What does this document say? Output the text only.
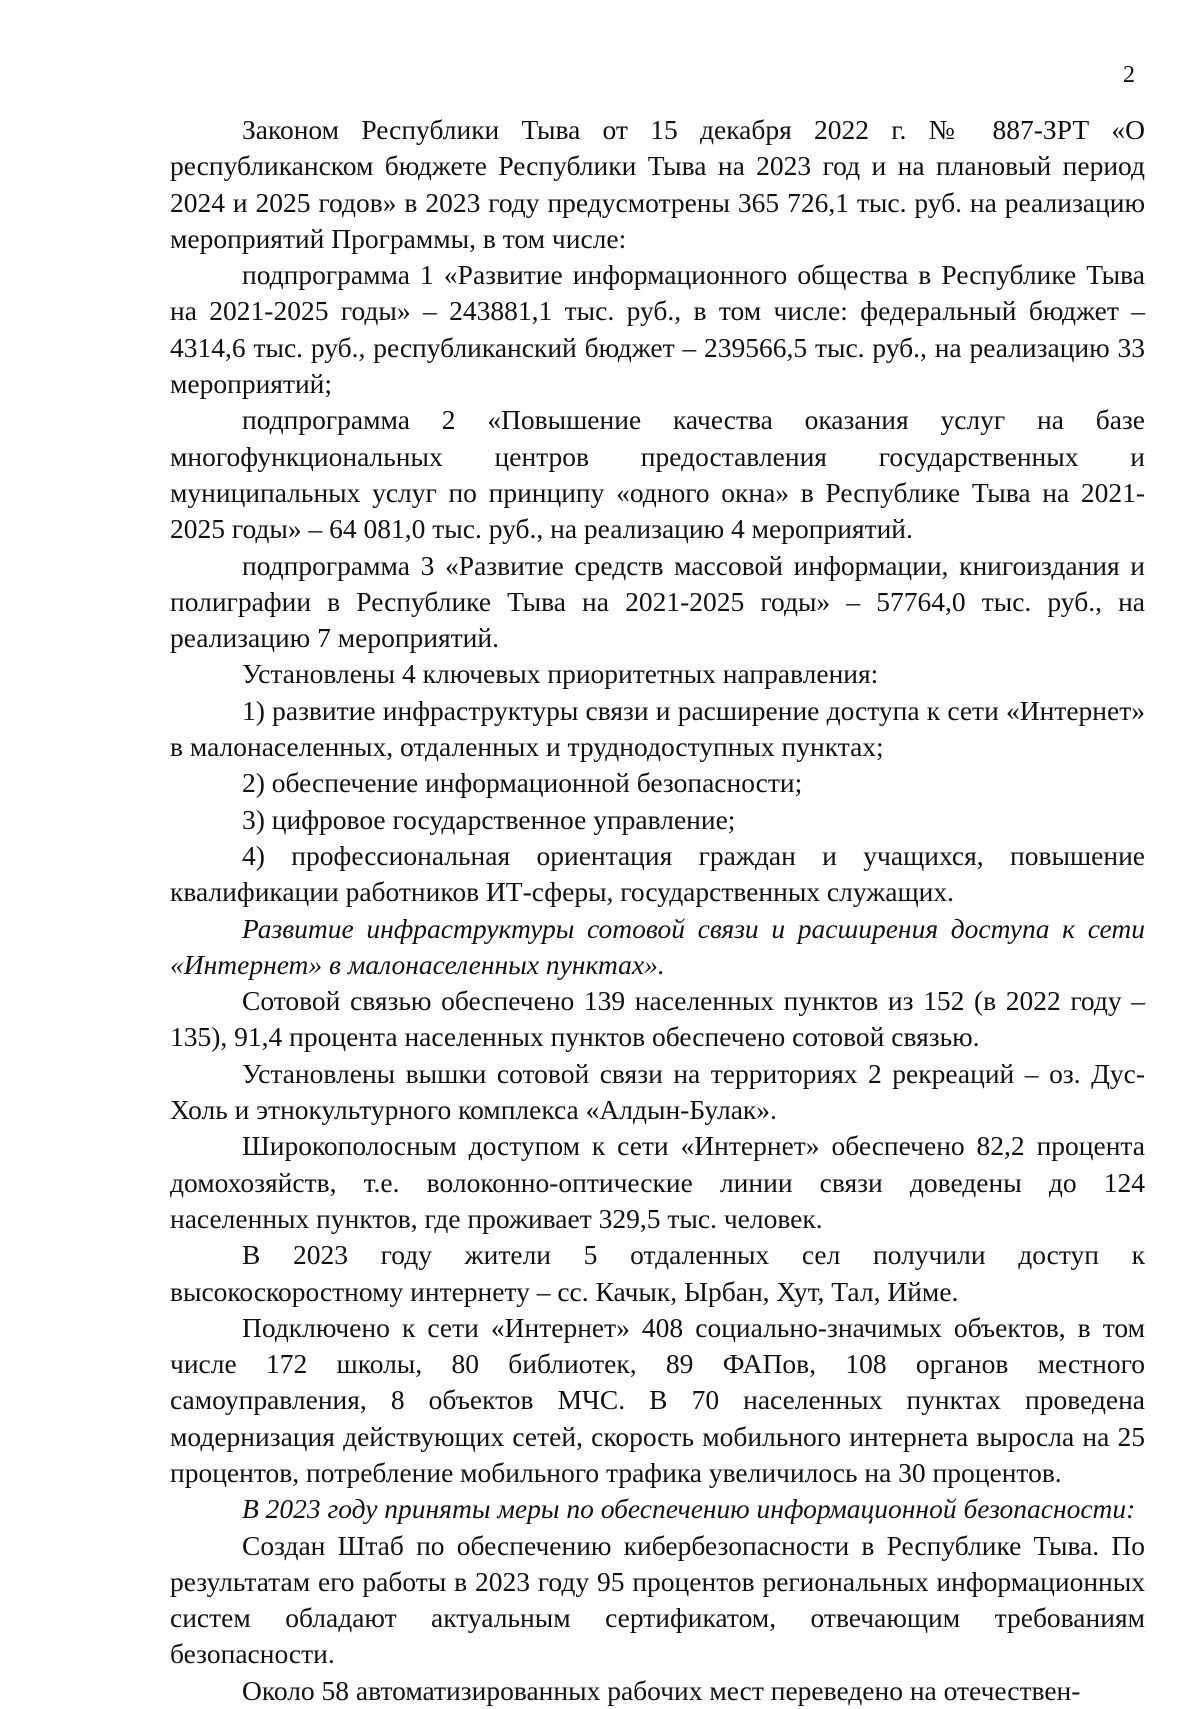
2

Законом Республики Тыва от 15 декабря 2022 г. № 887-ЗРТ «О республиканском бюджете Республики Тыва на 2023 год и на плановый период 2024 и 2025 годов» в 2023 году предусмотрены 365 726,1 тыс. руб. на реализацию мероприятий Программы, в том числе:

подпрограмма 1 «Развитие информационного общества в Республике Тыва на 2021-2025 годы» – 243881,1 тыс. руб., в том числе: федеральный бюджет – 4314,6 тыс. руб., республиканский бюджет – 239566,5 тыс. руб., на реализацию 33 мероприятий;

подпрограмма 2 «Повышение качества оказания услуг на базе многофункциональных центров предоставления государственных и муниципальных услуг по принципу «одного окна» в Республике Тыва на 2021-2025 годы» – 64 081,0 тыс. руб., на реализацию 4 мероприятий.

подпрограмма 3 «Развитие средств массовой информации, книгоиздания и полиграфии в Республике Тыва на 2021-2025 годы» – 57764,0 тыс. руб., на реализацию 7 мероприятий.

Установлены 4 ключевых приоритетных направления:

1) развитие инфраструктуры связи и расширение доступа к сети «Интернет» в малонаселенных, отдаленных и труднодоступных пунктах;

2) обеспечение информационной безопасности;

3) цифровое государственное управление;

4) профессиональная ориентация граждан и учащихся, повышение квалификации работников ИТ-сферы, государственных служащих.

Развитие инфраструктуры сотовой связи и расширения доступа к сети «Интернет» в малонаселенных пунктах».

Сотовой связью обеспечено 139 населенных пунктов из 152 (в 2022 году – 135), 91,4 процента населенных пунктов обеспечено сотовой связью.

Установлены вышки сотовой связи на территориях 2 рекреаций – оз. Дус-Холь и этнокультурного комплекса «Алдын-Булак».

Широкополосным доступом к сети «Интернет» обеспечено 82,2 процента домохозяйств, т.е. волоконно-оптические линии связи доведены до 124 населенных пунктов, где проживает 329,5 тыс. человек.

В 2023 году жители 5 отдаленных сел получили доступ к высокоскоростному интернету – сс. Качык, Ырбан, Хут, Тал, Ийме.

Подключено к сети «Интернет» 408 социально-значимых объектов, в том числе 172 школы, 80 библиотек, 89 ФАПов, 108 органов местного самоуправления, 8 объектов МЧС. В 70 населенных пунктах проведена модернизация действующих сетей, скорость мобильного интернета выросла на 25 процентов, потребление мобильного трафика увеличилось на 30 процентов.

В 2023 году приняты меры по обеспечению информационной безопасности:

Создан Штаб по обеспечению кибербезопасности в Республике Тыва. По результатам его работы в 2023 году 95 процентов региональных информационных систем обладают актуальным сертификатом, отвечающим требованиям безопасности.

Около 58 автоматизированных рабочих мест переведено на отечествен-
